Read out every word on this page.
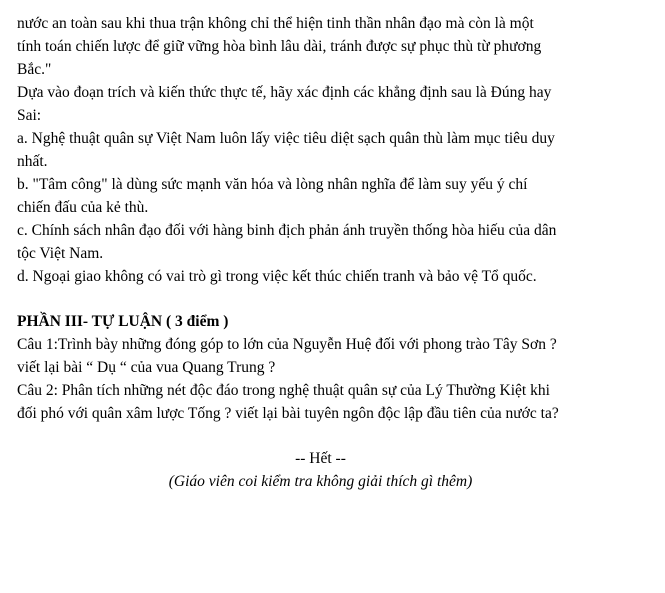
nước an toàn sau khi thua trận không chỉ thể hiện tinh thần nhân đạo mà còn là một

tính toán chiến lược để giữ vững hòa bình lâu dài, tránh được sự phục thù từ phương

Bắc."

Dựa vào đoạn trích và kiến thức thực tế, hãy xác định các khẳng định sau là Đúng hay

Sai:

a. Nghệ thuật quân sự Việt Nam luôn lấy việc tiêu diệt sạch quân thù làm mục tiêu duy

nhất.

b. "Tâm công" là dùng sức mạnh văn hóa và lòng nhân nghĩa để làm suy yếu ý chí

chiến đấu của kẻ thù.

c. Chính sách nhân đạo đối với hàng binh địch phản ánh truyền thống hòa hiếu của dân

tộc Việt Nam.

d. Ngoại giao không có vai trò gì trong việc kết thúc chiến tranh và bảo vệ Tổ quốc.

PHẦN III- TỰ LUẬN ( 3 điểm )

Câu 1:Trình bày những đóng góp to lớn của Nguyễn Huệ đối với phong trào Tây Sơn ?

viết lại bài “ Dụ “ của vua Quang Trung ?

Câu 2: Phân tích những nét độc đáo trong nghệ thuật quân sự của Lý Thường Kiệt khi

đối phó với quân xâm lược Tống ? viết lại bài tuyên ngôn độc lập đầu tiên của nước ta?

-- Hết --

(Giáo viên coi kiểm tra không giải thích gì thêm)
